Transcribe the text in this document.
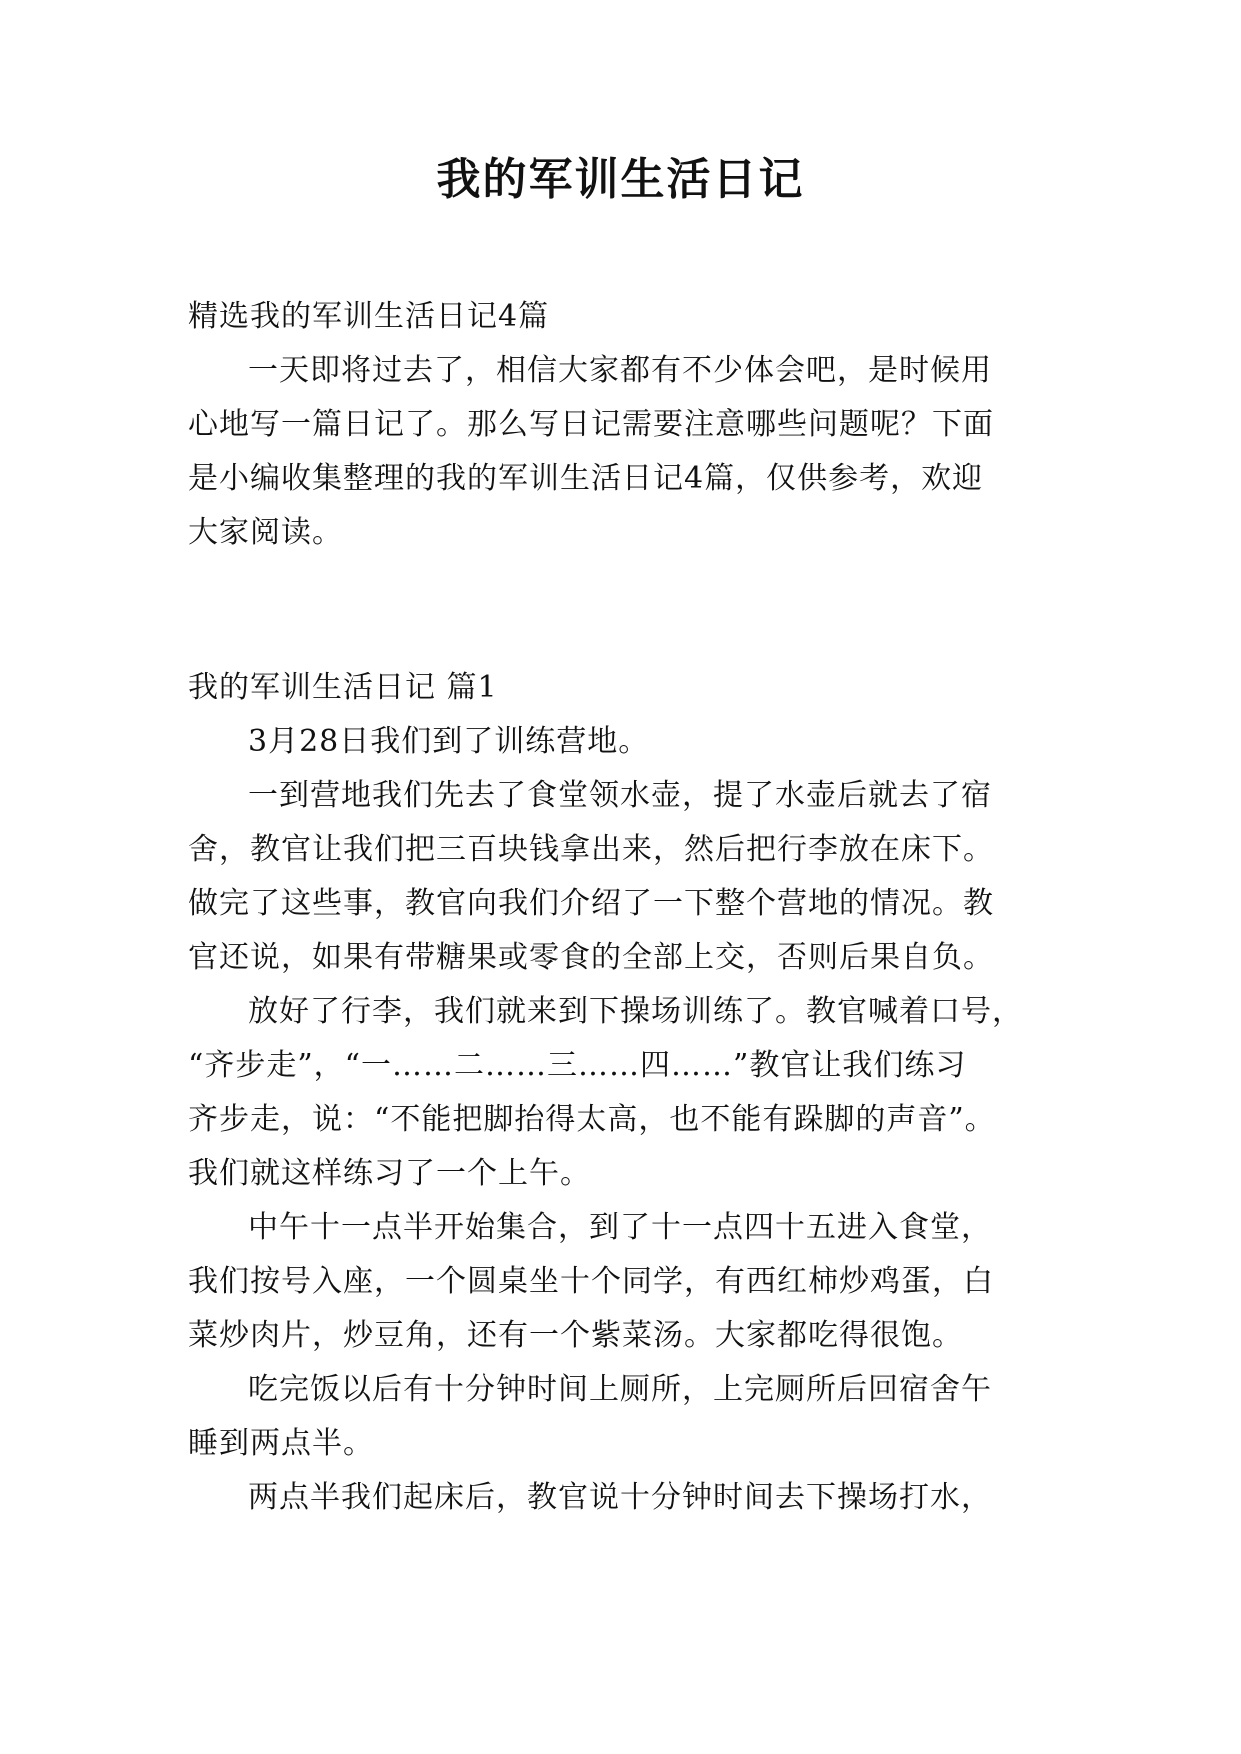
我的军训生活日记
精选我的军训生活日记4篇
一天即将过去了，相信大家都有不少体会吧，是时候用
心地写一篇日记了。那么写日记需要注意哪些问题呢？下面
是小编收集整理的我的军训生活日记4篇，仅供参考，欢迎
大家阅读。
我的军训生活日记 篇1
3月28日我们到了训练营地。
一到营地我们先去了食堂领水壶，提了水壶后就去了宿
舍，教官让我们把三百块钱拿出来，然后把行李放在床下。
做完了这些事，教官向我们介绍了一下整个营地的情况。教
官还说，如果有带糖果或零食的全部上交，否则后果自负。
放好了行李，我们就来到下操场训练了。教官喊着口号，
“齐步走”，“一……二……三……四……”教官让我们练习
齐步走，说：“不能把脚抬得太高，也不能有跺脚的声音”。
我们就这样练习了一个上午。
中午十一点半开始集合，到了十一点四十五进入食堂，
我们按号入座，一个圆桌坐十个同学，有西红柿炒鸡蛋，白
菜炒肉片，炒豆角，还有一个紫菜汤。大家都吃得很饱。
吃完饭以后有十分钟时间上厕所，上完厕所后回宿舍午
睡到两点半。
两点半我们起床后，教官说十分钟时间去下操场打水，
